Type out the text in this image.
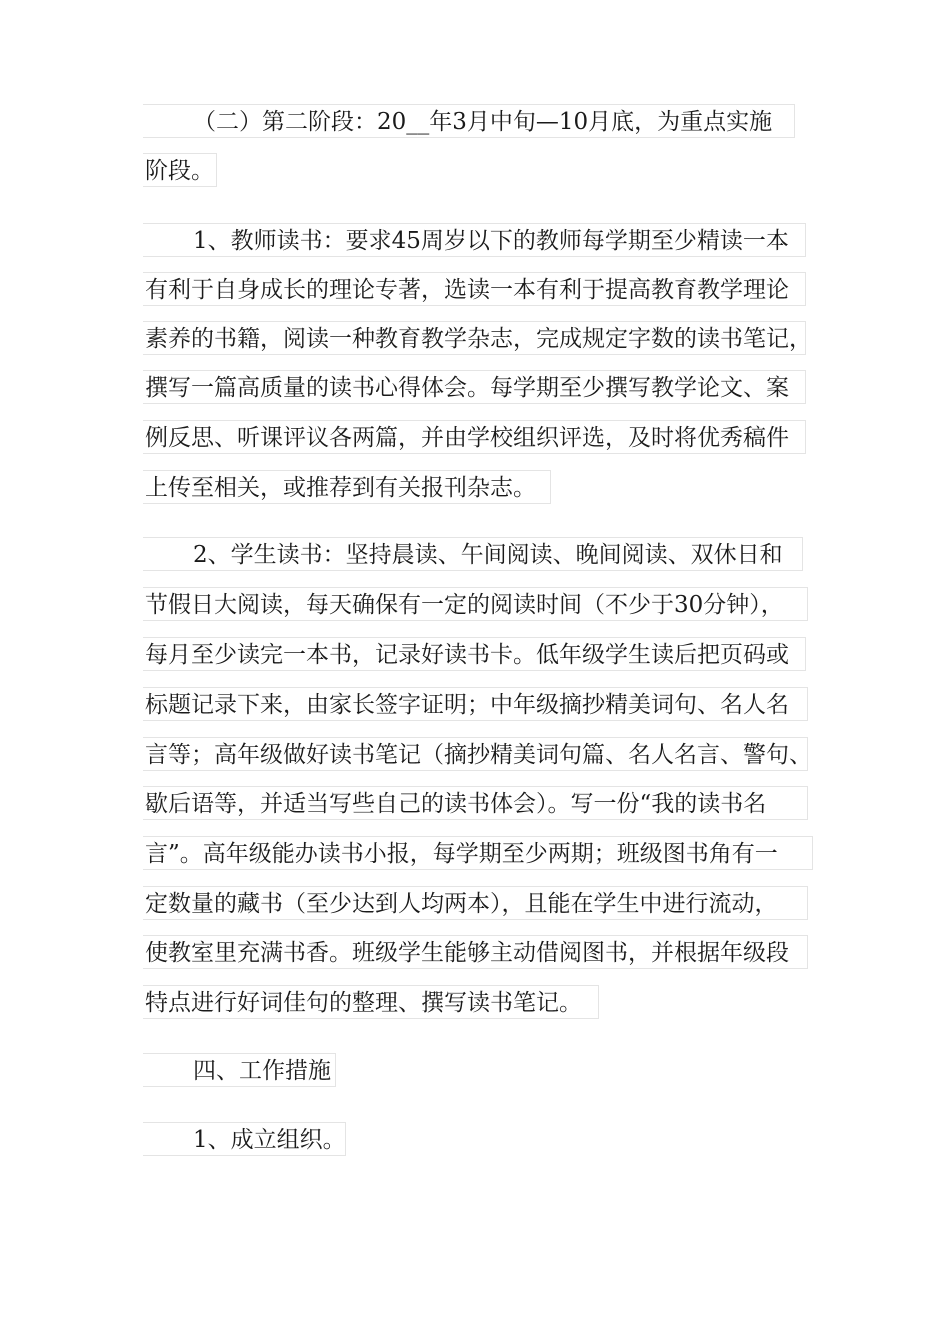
（二）第二阶段：20__年3月中旬—10月底，为重点实施
阶段。
1、教师读书：要求45周岁以下的教师每学期至少精读一本
有利于自身成长的理论专著，选读一本有利于提高教育教学理论
素养的书籍，阅读一种教育教学杂志，完成规定字数的读书笔记，
撰写一篇高质量的读书心得体会。每学期至少撰写教学论文、案
例反思、听课评议各两篇，并由学校组织评选，及时将优秀稿件
上传至相关，或推荐到有关报刊杂志。
2、学生读书：坚持晨读、午间阅读、晚间阅读、双休日和
节假日大阅读，每天确保有一定的阅读时间（不少于30分钟），
每月至少读完一本书，记录好读书卡。低年级学生读后把页码或
标题记录下来，由家长签字证明；中年级摘抄精美词句、名人名
言等；高年级做好读书笔记（摘抄精美词句篇、名人名言、警句、
歇后语等，并适当写些自己的读书体会）。写一份“我的读书名
言”。高年级能办读书小报，每学期至少两期；班级图书角有一
定数量的藏书（至少达到人均两本），且能在学生中进行流动，
使教室里充满书香。班级学生能够主动借阅图书，并根据年级段
特点进行好词佳句的整理、撰写读书笔记。
四、工作措施
1、成立组织。
